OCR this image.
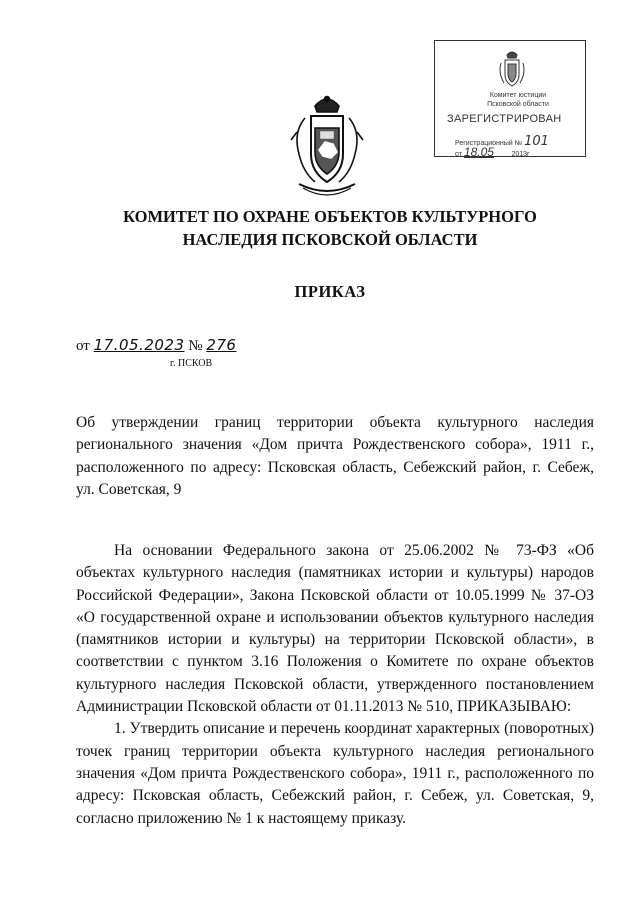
Комитет юстиции
Псковской области
ЗАРЕГИСТРИРОВАН
Регистрационный № 101
от 18.05	2013г
КОМИТЕТ ПО ОХРАНЕ ОБЪЕКТОВ КУЛЬТУРНОГО
НАСЛЕДИЯ ПСКОВСКОЙ ОБЛАСТИ
ПРИКАЗ
от 17.05.2023 № 276
г. ПСКОВ
Об утверждении границ территории объекта культурного наследия регионального значения «Дом причта Рождественского собора», 1911 г., расположенного по адресу: Псковская область, Себежский район, г. Себеж, ул. Советская, 9

На основании Федерального закона от 25.06.2002 № 73-ФЗ «Об объектах культурного наследия (памятниках истории и культуры) народов Российской Федерации», Закона Псковской области от 10.05.1999 № 37-ОЗ «О государственной охране и использовании объектов культурного наследия (памятников истории и культуры) на территории Псковской области», в соответствии с пунктом 3.16 Положения о Комитете по охране объектов культурного наследия Псковской области, утвержденного постановлением Администрации Псковской области от 01.11.2013 № 510, ПРИКАЗЫВАЮ:

1. Утвердить описание и перечень координат характерных (поворотных) точек границ территории объекта культурного наследия регионального значения «Дом причта Рождественского собора», 1911 г., расположенного по адресу: Псковская область, Себежский район, г. Себеж, ул. Советская, 9, согласно приложению № 1 к настоящему приказу.
